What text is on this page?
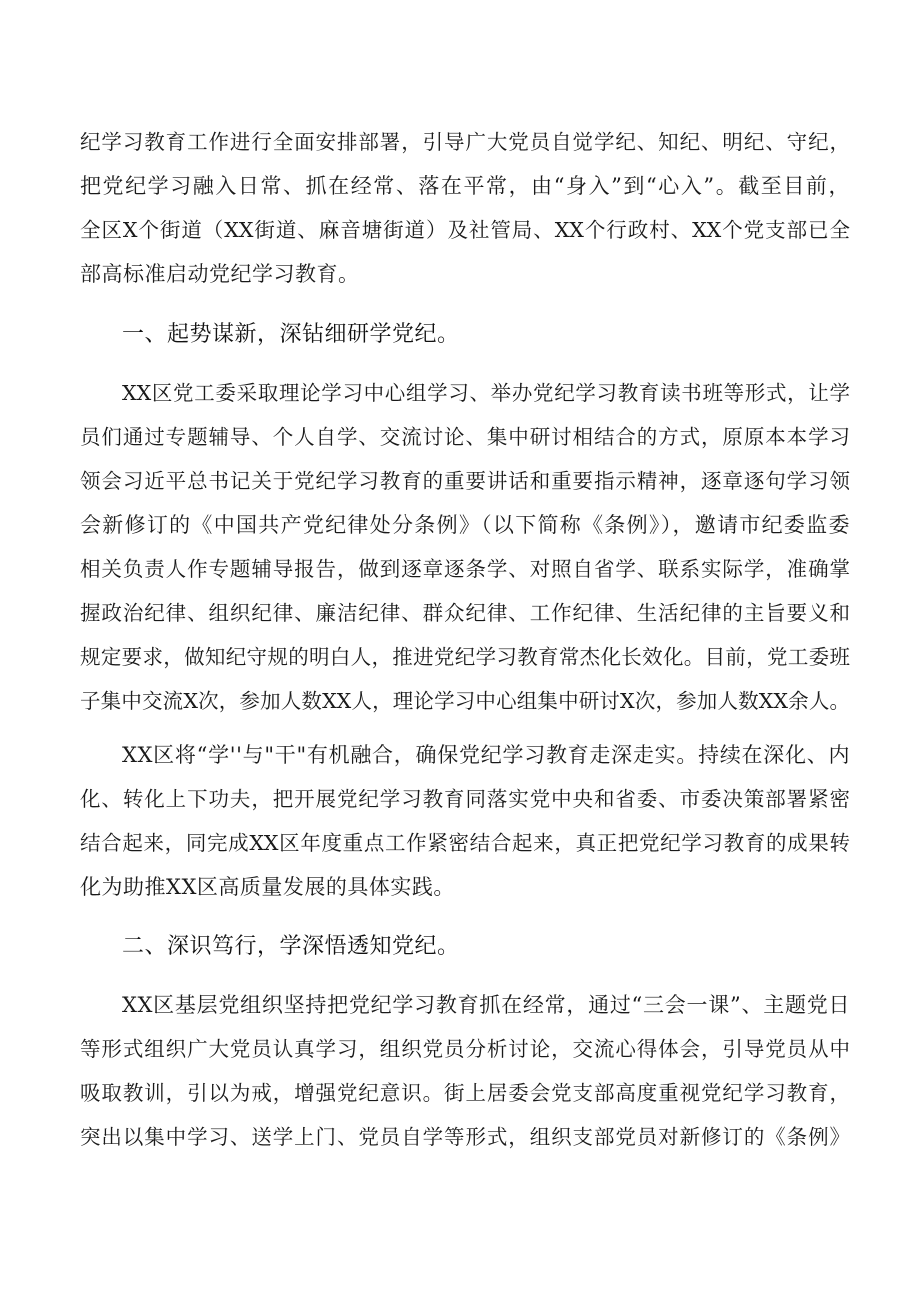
纪学习教育工作进行全面安排部署，引导广大党员自觉学纪、知纪、明纪、守纪，
把党纪学习融入日常、抓在经常、落在平常，由“身入”到“心入”。截至目前，
全区X个街道（XX街道、麻音塘街道）及社管局、XX个行政村、XX个党支部已全
部高标准启动党纪学习教育。
一、起势谋新，深钻细研学党纪。
XX区党工委采取理论学习中心组学习、举办党纪学习教育读书班等形式，让学
员们通过专题辅导、个人自学、交流讨论、集中研讨相结合的方式，原原本本学习
领会习近平总书记关于党纪学习教育的重要讲话和重要指示精神，逐章逐句学习领
会新修订的《中国共产党纪律处分条例》（以下简称《条例》），邀请市纪委监委
相关负责人作专题辅导报告，做到逐章逐条学、对照自省学、联系实际学，准确掌
握政治纪律、组织纪律、廉洁纪律、群众纪律、工作纪律、生活纪律的主旨要义和
规定要求，做知纪守规的明白人，推进党纪学习教育常杰化长效化。目前，党工委班
子集中交流X次，参加人数XX人，理论学习中心组集中研讨X次，参加人数XX余人。
XX区将“学''与"干"有机融合，确保党纪学习教育走深走实。持续在深化、内
化、转化上下功夫，把开展党纪学习教育同落实党中央和省委、市委决策部署紧密
结合起来，同完成XX区年度重点工作紧密结合起来，真正把党纪学习教育的成果转
化为助推XX区高质量发展的具体实践。
二、深识笃行，学深悟透知党纪。
XX区基层党组织坚持把党纪学习教育抓在经常，通过“三会一课”、主题党日
等形式组织广大党员认真学习，组织党员分析讨论，交流心得体会，引导党员从中
吸取教训，引以为戒，增强党纪意识。街上居委会党支部高度重视党纪学习教育，
突出以集中学习、送学上门、党员自学等形式，组织支部党员对新修订的《条例》
